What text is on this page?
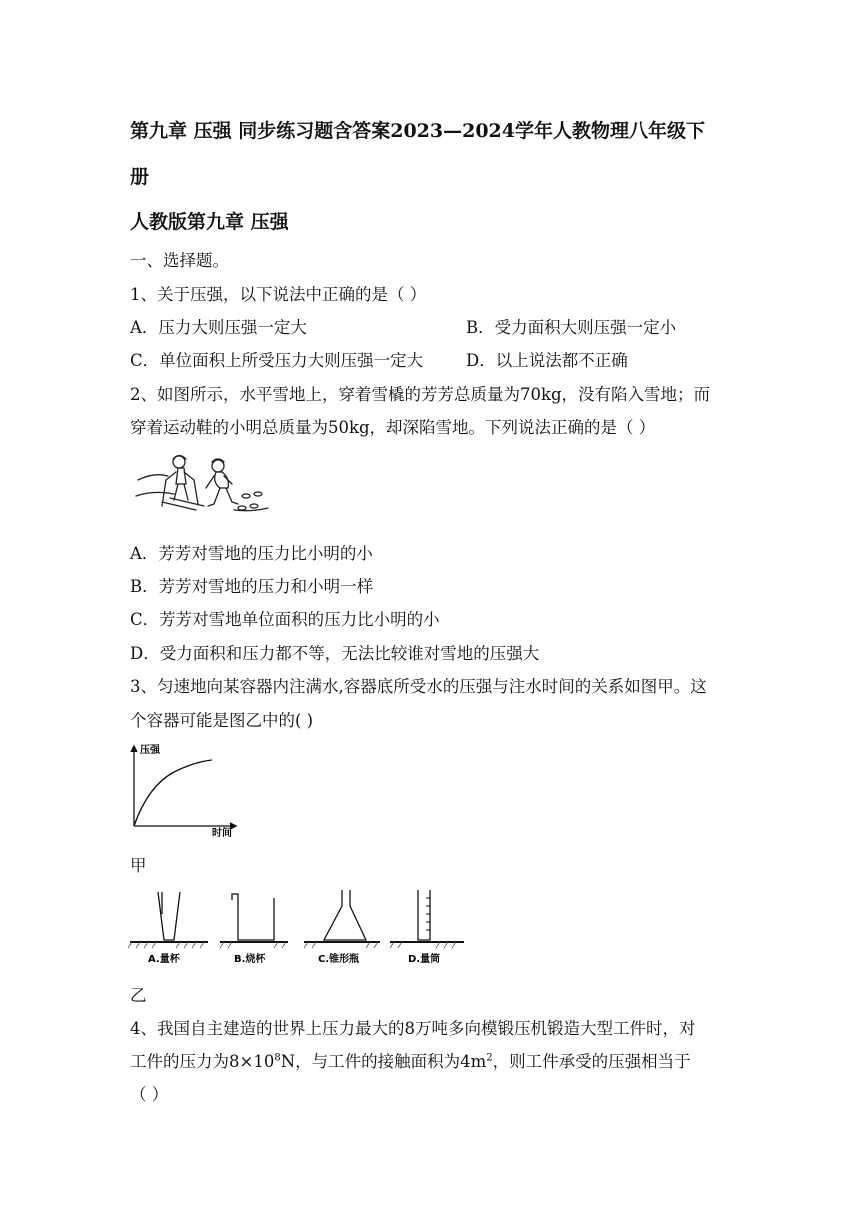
第九章 压强 同步练习题含答案2023—2024学年人教物理八年级下
册
人教版第九章 压强
一、选择题。
1、关于压强，以下说法中正确的是（ ）
A．压力大则压强一定大	B．受力面积大则压强一定小
C．单位面积上所受压力大则压强一定大	D．以上说法都不正确
2、如图所示，水平雪地上，穿着雪橇的芳芳总质量为70kg，没有陷入雪地；而
穿着运动鞋的小明总质量为50kg，却深陷雪地。下列说法正确的是（ ）
A．芳芳对雪地的压力比小明的小
B．芳芳对雪地的压力和小明一样
C．芳芳对雪地单位面积的压力比小明的小
D．受力面积和压力都不等，无法比较谁对雪地的压强大
3、匀速地向某容器内注满水,容器底所受水的压强与注水时间的关系如图甲。这
个容器可能是图乙中的( )
压强
时间
甲
A.量杯	B.烧杯	C.锥形瓶	D.量筒
乙
4、我国自主建造的世界上压力最大的8万吨多向模锻压机锻造大型工件时，对
工件的压力为$8\times 10^8N$，与工件的接触面积为$4m^2$，则工件承受的压强相当于
（ ）
